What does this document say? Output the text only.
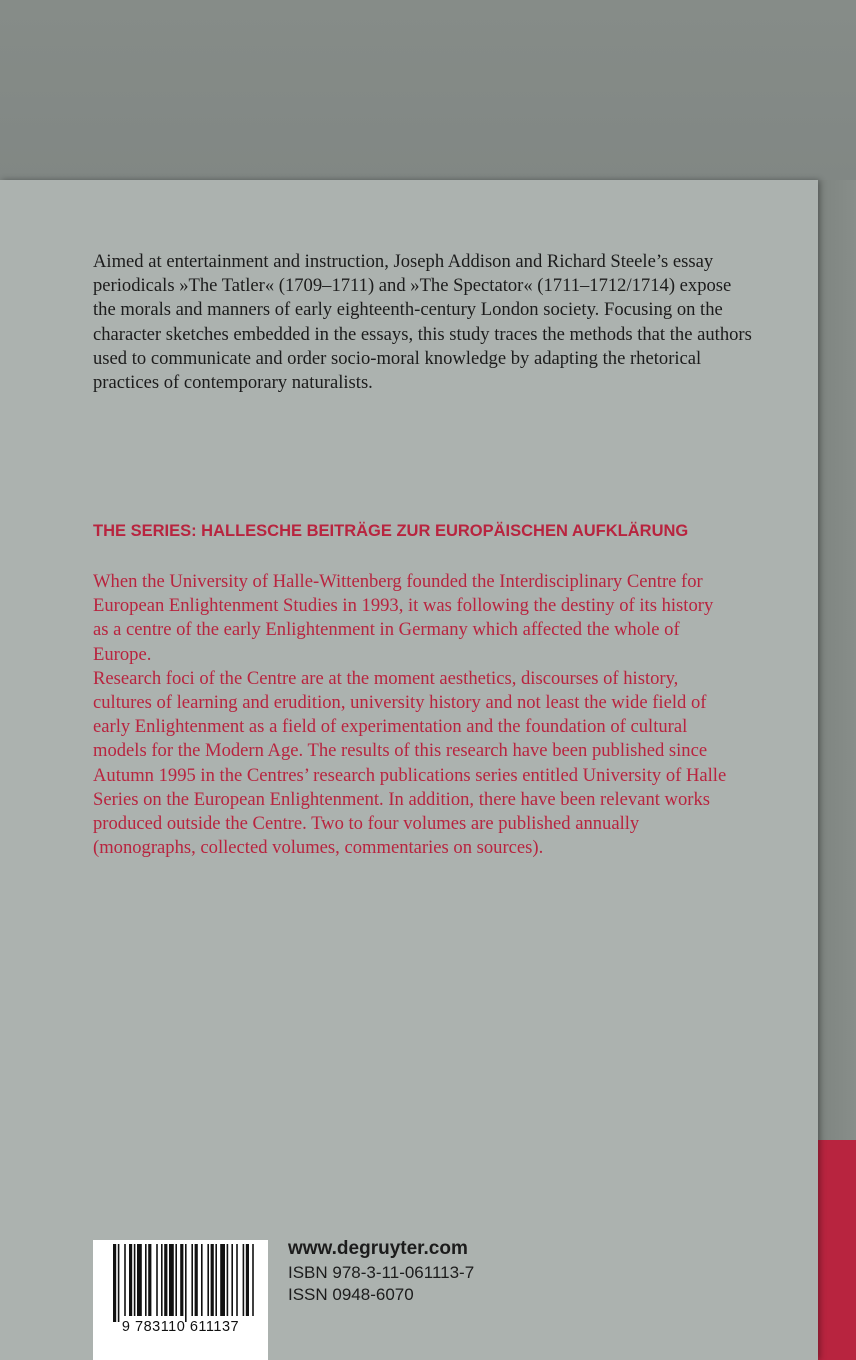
Aimed at entertainment and instruction, Joseph Addison and Richard Steele’s essay periodicals »The Tatler« (1709–1711) and »The Spectator« (1711–1712/1714) expose the morals and manners of early eighteenth-century London society. Focusing on the character sketches embedded in the essays, this study traces the methods that the authors used to communicate and order socio-moral knowledge by adapting the rhetorical practices of contemporary naturalists.

THE SERIES: HALLESCHE BEITRÄGE ZUR EUROPÄISCHEN AUFKLÄRUNG

When the University of Halle-Wittenberg founded the Interdisciplinary Centre for European Enlightenment Studies in 1993, it was following the destiny of its history as a centre of the early Enlightenment in Germany which affected the whole of Europe.

Research foci of the Centre are at the moment aesthetics, discourses of history, cultures of learning and erudition, university history and not least the wide field of early Enlightenment as a field of experimentation and the foundation of cultural models for the Modern Age. The results of this research have been published since Autumn 1995 in the Centres’ research publications series entitled University of Halle Series on the European Enlightenment. In addition, there have been relevant works produced outside the Centre. Two to four volumes are published annually (monographs, collected volumes, commentaries on sources).

9 783110 611137

www.degruyter.com

ISBN 978-3-11-061113-7

ISSN 0948-6070
